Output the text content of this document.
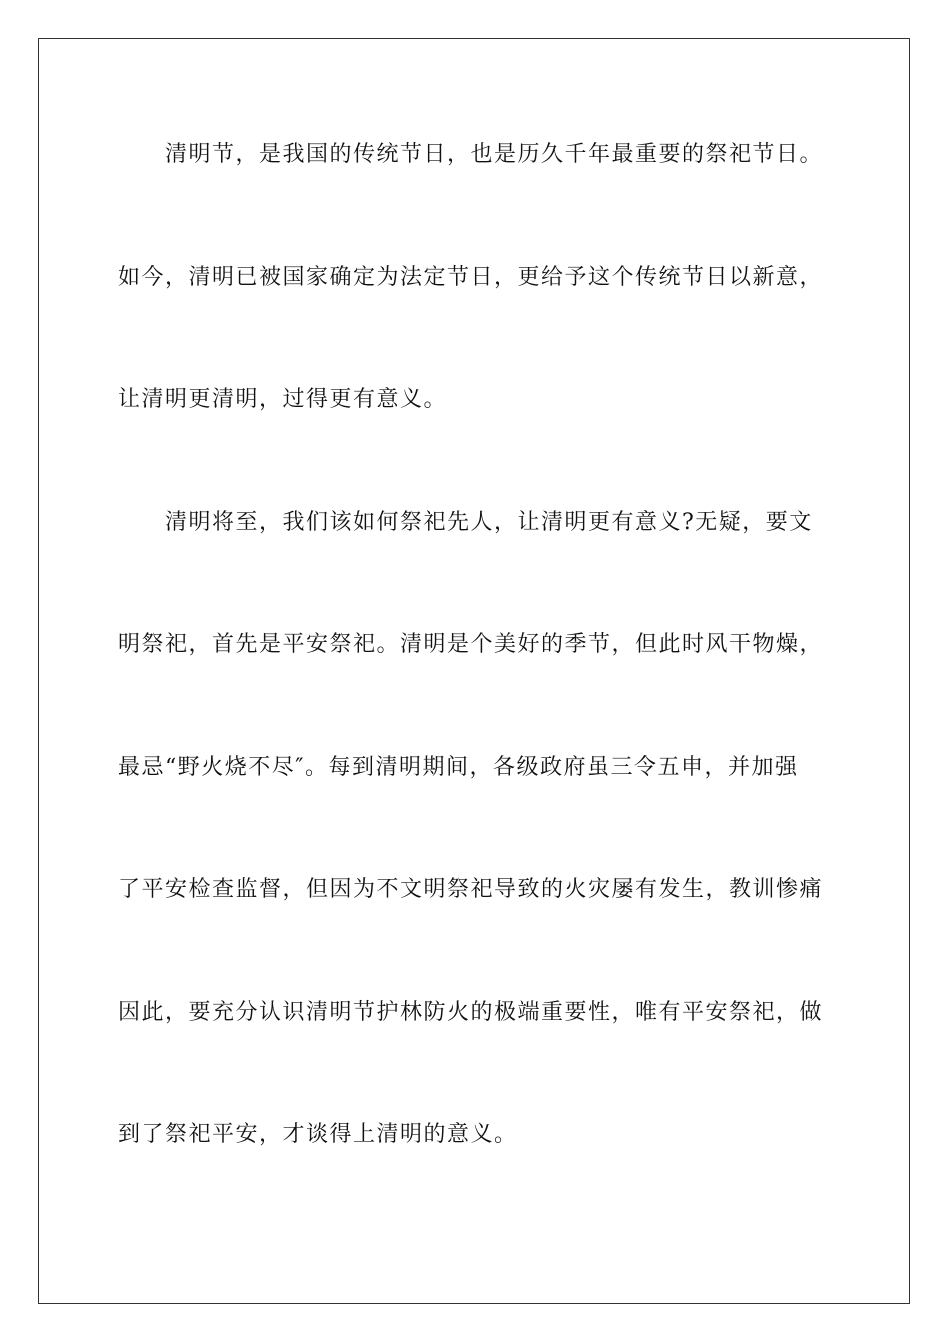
清明节，是我国的传统节日，也是历久千年最重要的祭祀节日。
如今，清明已被国家确定为法定节日，更给予这个传统节日以新意，
让清明更清明，过得更有意义。
清明将至，我们该如何祭祀先人，让清明更有意义?无疑，要文
明祭祀，首先是平安祭祀。清明是个美好的季节，但此时风干物燥，
最忌“野火烧不尽″。每到清明期间，各级政府虽三令五申，并加强
了平安检查监督，但因为不文明祭祀导致的火灾屡有发生，教训惨痛
因此，要充分认识清明节护林防火的极端重要性，唯有平安祭祀，做
到了祭祀平安，才谈得上清明的意义。
